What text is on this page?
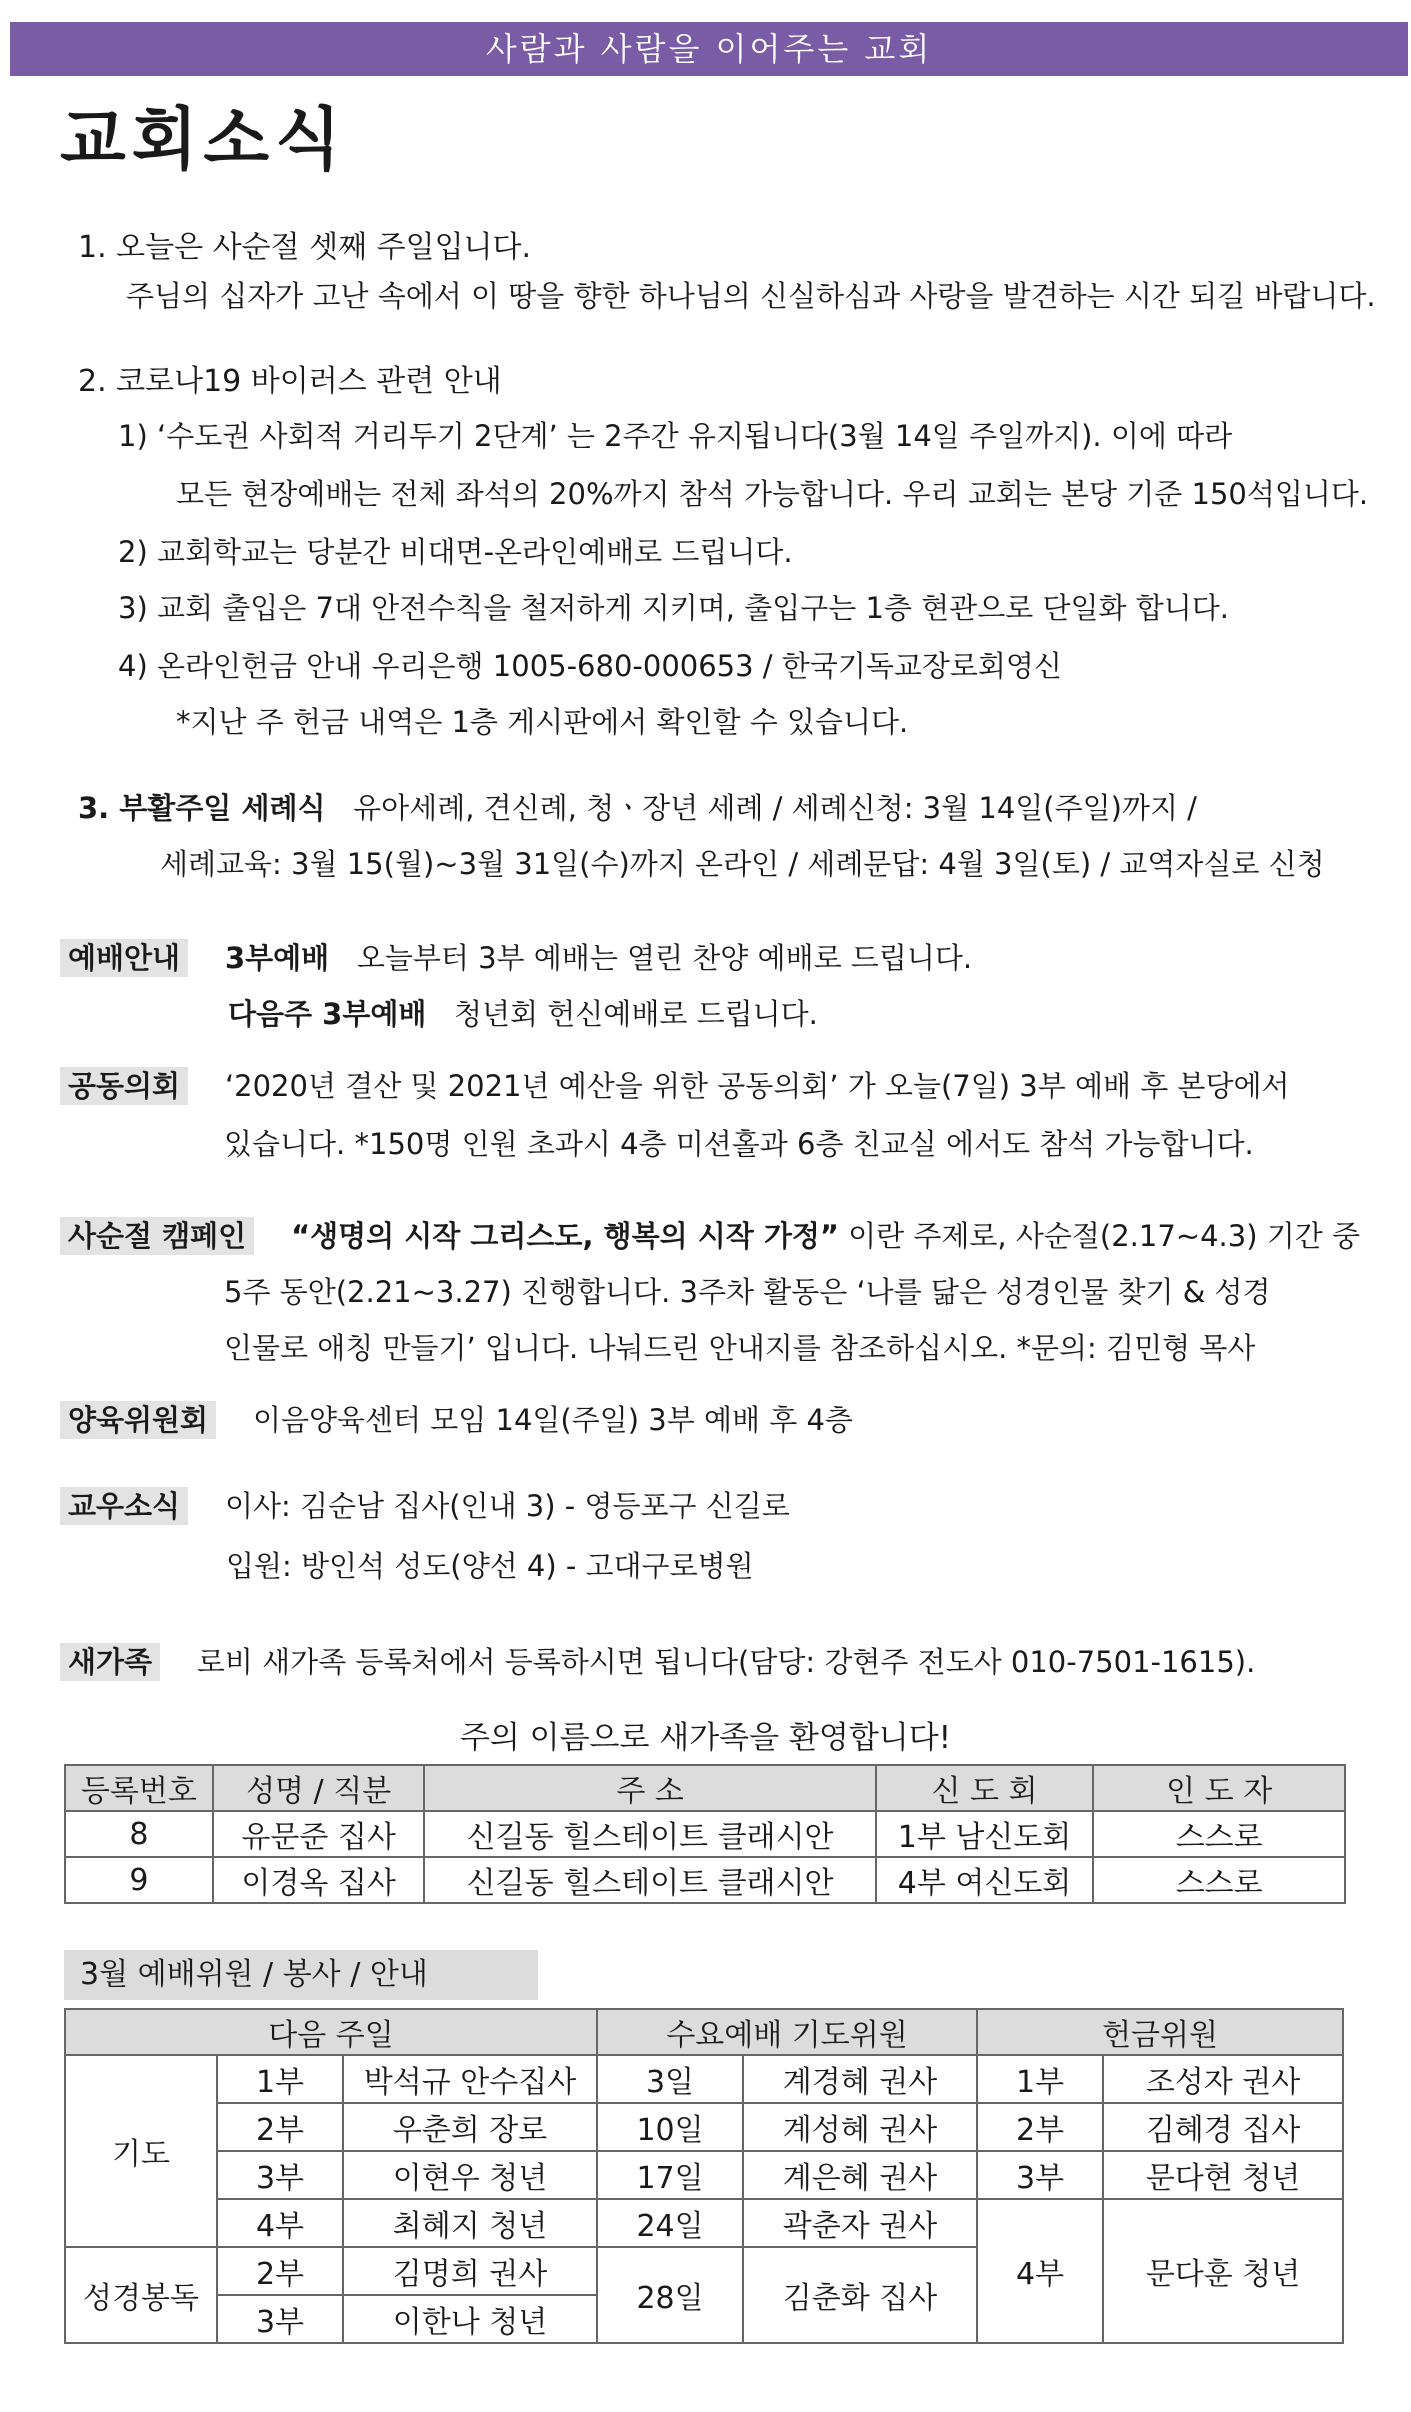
사람과 사람을 이어주는 교회
교회소식
1. 오늘은 사순절 셋째 주일입니다.
주님의 십자가 고난 속에서 이 땅을 향한 하나님의 신실하심과 사랑을 발견하는 시간 되길 바랍니다.
2. 코로나19 바이러스 관련 안내
1) ‘수도권 사회적 거리두기 2단계’ 는 2주간 유지됩니다(3월 14일 주일까지). 이에 따라
모든 현장예배는 전체 좌석의 20%까지 참석 가능합니다. 우리 교회는 본당 기준 150석입니다.
2) 교회학교는 당분간 비대면-온라인예배로 드립니다.
3) 교회 출입은 7대 안전수칙을 철저하게 지키며, 출입구는 1층 현관으로 단일화 합니다.
4) 온라인헌금 안내 우리은행 1005-680-000653 / 한국기독교장로회영신
*지난 주 헌금 내역은 1층 게시판에서 확인할 수 있습니다.
3. 부활주일 세례식 유아세례, 견신례, 청ㆍ장년 세례 / 세례신청: 3월 14일(주일)까지 /
세례교육: 3월 15(월)~3월 31일(수)까지 온라인 / 세례문답: 4월 3일(토) / 교역자실로 신청
예배안내 3부예배 오늘부터 3부 예배는 열린 찬양 예배로 드립니다.
다음주 3부예배 청년회 헌신예배로 드립니다.
공동의회 ‘2020년 결산 및 2021년 예산을 위한 공동의회’ 가 오늘(7일) 3부 예배 후 본당에서
있습니다. *150명 인원 초과시 4층 미션홀과 6층 친교실 에서도 참석 가능합니다.
사순절 캠페인 “생명의 시작 그리스도, 행복의 시작 가정” 이란 주제로, 사순절(2.17~4.3) 기간 중
5주 동안(2.21~3.27) 진행합니다. 3주차 활동은 ‘나를 닮은 성경인물 찾기 & 성경
인물로 애칭 만들기’ 입니다. 나눠드린 안내지를 참조하십시오. *문의: 김민형 목사
양육위원회 이음양육센터 모임 14일(주일) 3부 예배 후 4층
교우소식 이사: 김순남 집사(인내 3) - 영등포구 신길로
입원: 방인석 성도(양선 4) - 고대구로병원
새가족 로비 새가족 등록처에서 등록하시면 됩니다(담당: 강현주 전도사 010-7501-1615).
주의 이름으로 새가족을 환영합니다!
등록번호	성명 / 직분	주 소	신 도 회	인 도 자
8	유문준 집사	신길동 힐스테이트 클래시안	1부 남신도회	스스로
9	이경옥 집사	신길동 힐스테이트 클래시안	4부 여신도회	스스로
3월 예배위원 / 봉사 / 안내
다음 주일			수요예배 기도위원		헌금위원	
기도	1부	박석규 안수집사	3일	계경혜 권사	1부	조성자 권사
	2부	우춘희 장로	10일	계성혜 권사	2부	김혜경 집사
	3부	이현우 청년	17일	계은혜 권사	3부	문다현 청년
	4부	최혜지 청년	24일	곽춘자 권사	4부	문다훈 청년
성경봉독	2부	김명희 권사	28일	김춘화 집사		
	3부	이한나 청년				
